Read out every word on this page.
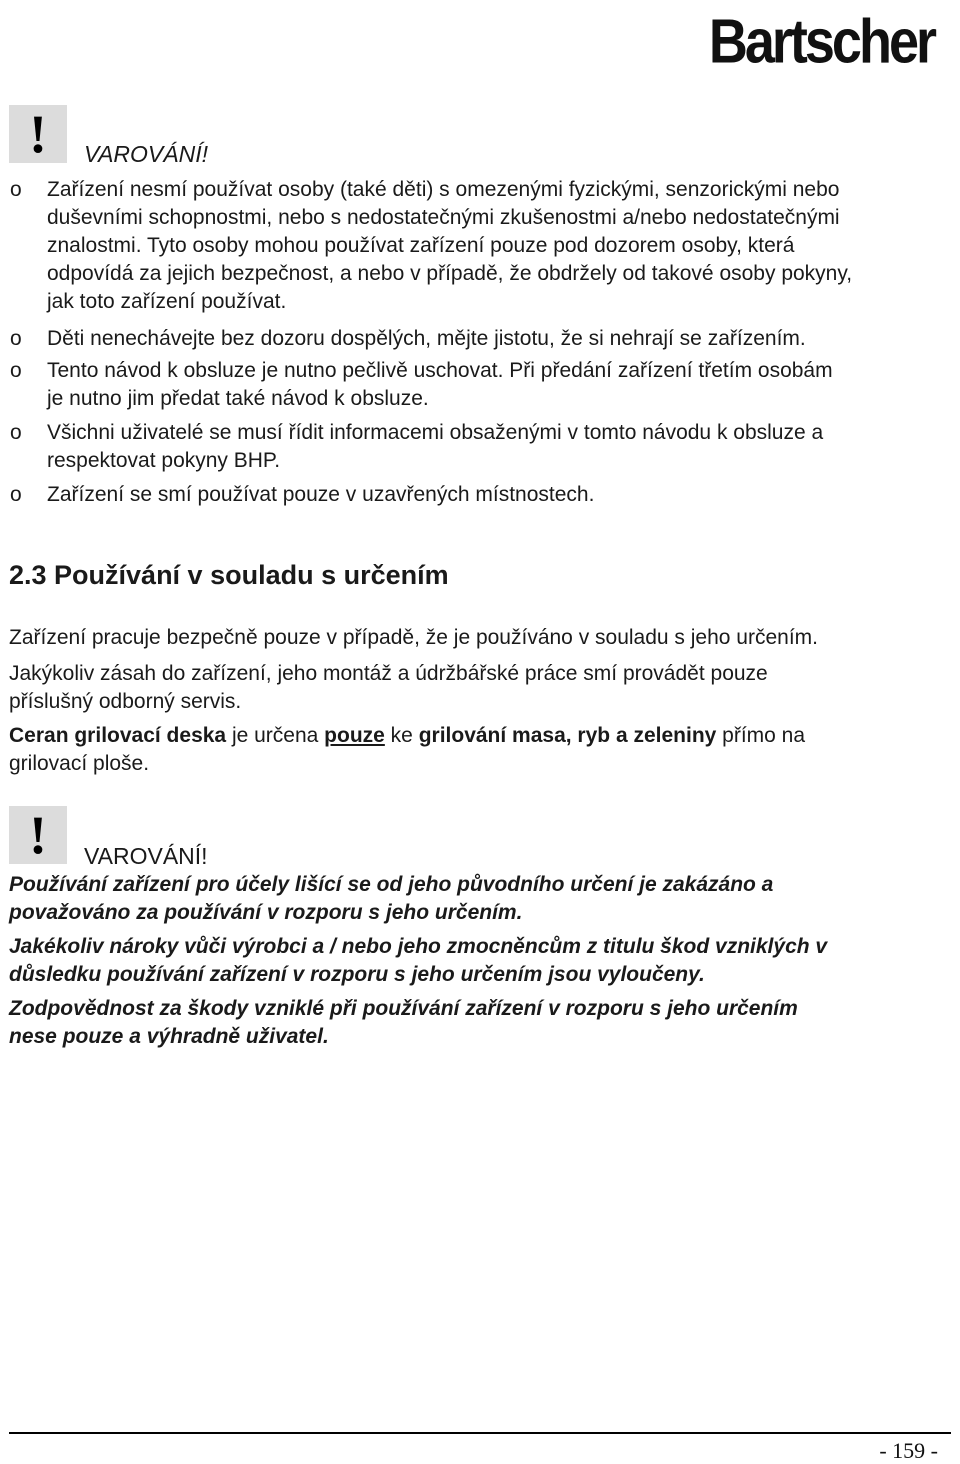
Bartscher
! VAROVÁNÍ!
o Zařízení nesmí používat osoby (také děti) s omezenými fyzickými, senzorickými nebo
duševními schopnostmi, nebo s nedostatečnými zkušenostmi a/nebo nedostatečnými
znalostmi. Tyto osoby mohou používat zařízení pouze pod dozorem osoby, která
odpovídá za jejich bezpečnost, a nebo v případě, že obdržely od takové osoby pokyny,
jak toto zařízení používat.
o Děti nenechávejte bez dozoru dospělých, mějte jistotu, že si nehrají se zařízením.
o Tento návod k obsluze je nutno pečlivě uschovat. Při předání zařízení třetím osobám
je nutno jim předat také návod k obsluze.
o Všichni uživatelé se musí řídit informacemi obsaženými v tomto návodu k obsluze a
respektovat pokyny BHP.
o Zařízení se smí používat pouze v uzavřených místnostech.
2.3 Používání v souladu s určením
Zařízení pracuje bezpečně pouze v případě, že je používáno v souladu s jeho určením.
Jakýkoliv zásah do zařízení, jeho montáž a údržbářské práce smí provádět pouze
příslušný odborný servis.
Ceran grilovací deska je určena pouze ke grilování masa, ryb a zeleniny přímo na
grilovací ploše.
! VAROVÁNÍ!
Používání zařízení pro účely lišící se od jeho původního určení je zakázáno a
považováno za používání v rozporu s jeho určením.
Jakékoliv nároky vůči výrobci a / nebo jeho zmocněncům z titulu škod vzniklých v
důsledku používání zařízení v rozporu s jeho určením jsou vyloučeny.
Zodpovědnost za škody vzniklé při používání zařízení v rozporu s jeho určením
nese pouze a výhradně uživatel.
- 159 -
